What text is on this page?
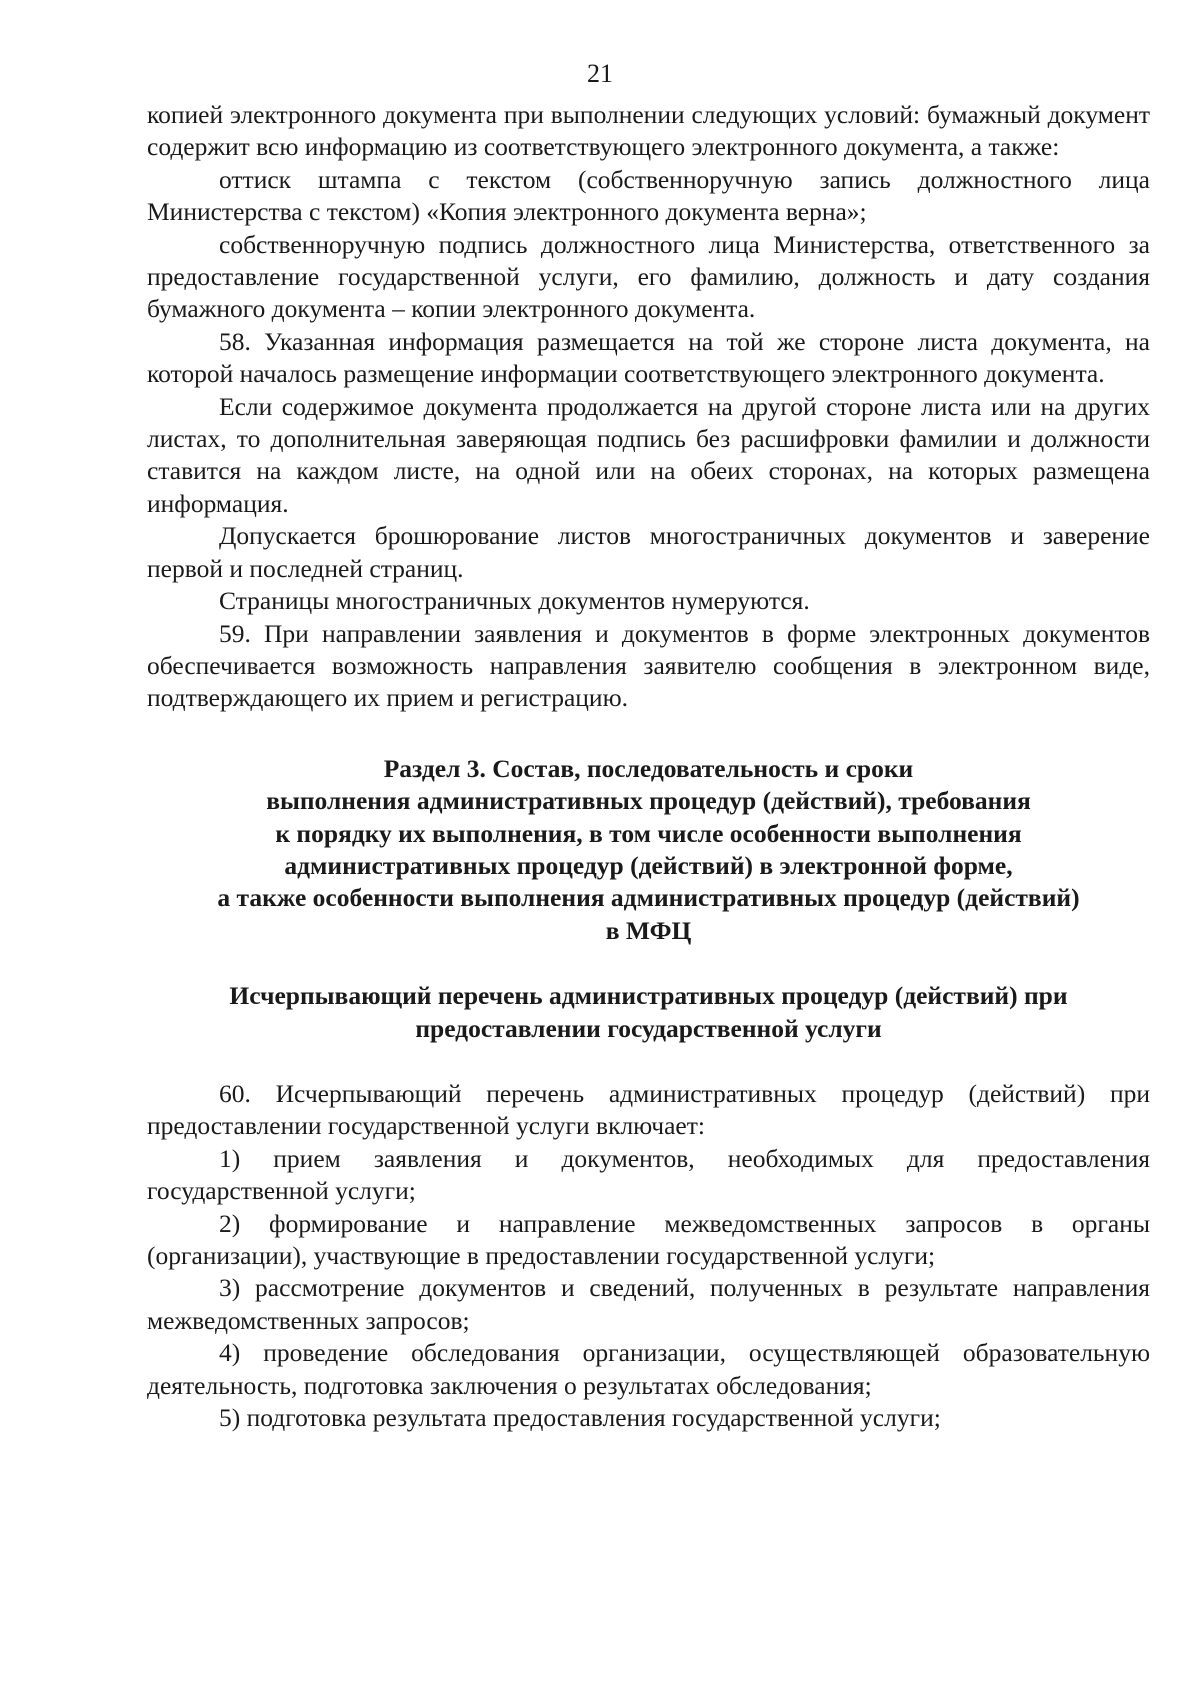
21

копией электронного документа при выполнении следующих условий: бумажный документ содержит всю информацию из соответствующего электронного документа, а также:

оттиск штампа с текстом (собственноручную запись должностного лица Министерства с текстом) «Копия электронного документа верна»;

собственноручную подпись должностного лица Министерства, ответственного за предоставление государственной услуги, его фамилию, должность и дату создания бумажного документа – копии электронного документа.

58. Указанная информация размещается на той же стороне листа документа, на которой началось размещение информации соответствующего электронного документа.

Если содержимое документа продолжается на другой стороне листа или на других листах, то дополнительная заверяющая подпись без расшифровки фамилии и должности ставится на каждом листе, на одной или на обеих сторонах, на которых размещена информация.

Допускается брошюрование листов многостраничных документов и заверение первой и последней страниц.

Страницы многостраничных документов нумеруются.

59. При направлении заявления и документов в форме электронных документов обеспечивается возможность направления заявителю сообщения в электронном виде, подтверждающего их прием и регистрацию.

Раздел 3. Состав, последовательность и сроки
выполнения административных процедур (действий), требования
к порядку их выполнения, в том числе особенности выполнения
административных процедур (действий) в электронной форме,
а также особенности выполнения административных процедур (действий)
в МФЦ
Исчерпывающий перечень административных процедур (действий) при
предоставлении государственной услуги

60. Исчерпывающий перечень административных процедур (действий) при предоставлении государственной услуги включает:

1) прием заявления и документов, необходимых для предоставления государственной услуги;

2) формирование и направление межведомственных запросов в органы (организации), участвующие в предоставлении государственной услуги;

3) рассмотрение документов и сведений, полученных в результате направления межведомственных запросов;

4) проведение обследования организации, осуществляющей образовательную деятельность, подготовка заключения о результатах обследования;

5) подготовка результата предоставления государственной услуги;
